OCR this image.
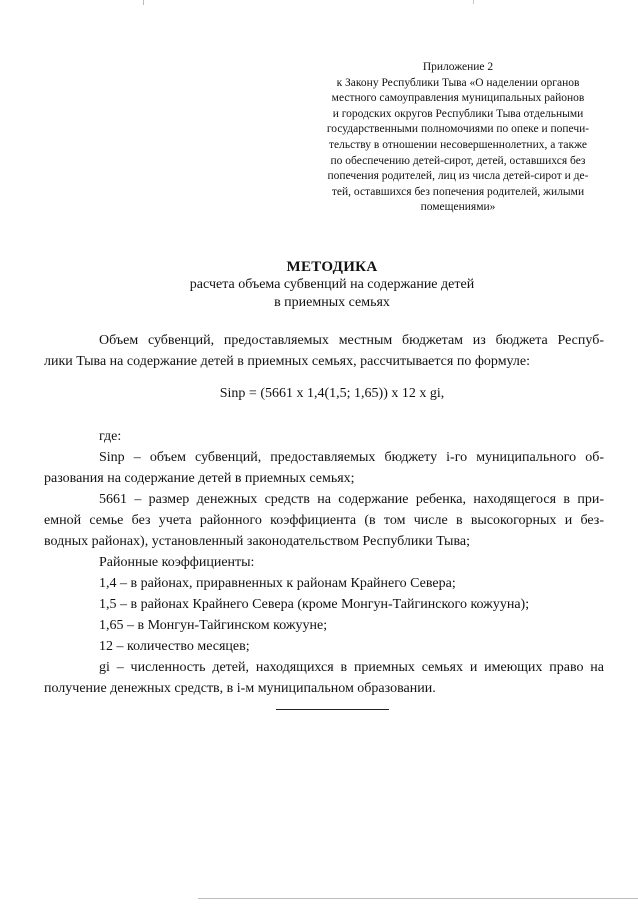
Приложение 2
к Закону Республики Тыва «О наделении органов
местного самоуправления муниципальных районов
и городских округов Республики Тыва отдельными
государственными полномочиями по опеке и попечи-
тельству в отношении несовершеннолетних, а также
по обеспечению детей-сирот, детей, оставшихся без
попечения родителей, лиц из числа детей-сирот и де-
тей, оставшихся без попечения родителей, жилыми
помещениями»
МЕТОДИКА
расчета объема субвенций на содержание детей
в приемных семьях
Объем субвенций, предоставляемых местным бюджетам из бюджета Респуб-
лики Тыва на содержание детей в приемных семьях, рассчитывается по формуле:
Sinp = (5661 x 1,4(1,5; 1,65)) x 12 x gi,
где:
Sinp – объем субвенций, предоставляемых бюджету i-го муниципального об-
разования на содержание детей в приемных семьях;
5661 – размер денежных средств на содержание ребенка, находящегося в при-
емной семье без учета районного коэффициента (в том числе в высокогорных и без-
водных районах), установленный законодательством Республики Тыва;
Районные коэффициенты:
1,4 – в районах, приравненных к районам Крайнего Севера;
1,5 – в районах Крайнего Севера (кроме Монгун-Тайгинского кожууна);
1,65 – в Монгун-Тайгинском кожууне;
12 – количество месяцев;
gi – численность детей, находящихся в приемных семьях и имеющих право на
получение денежных средств, в i-м муниципальном образовании.
